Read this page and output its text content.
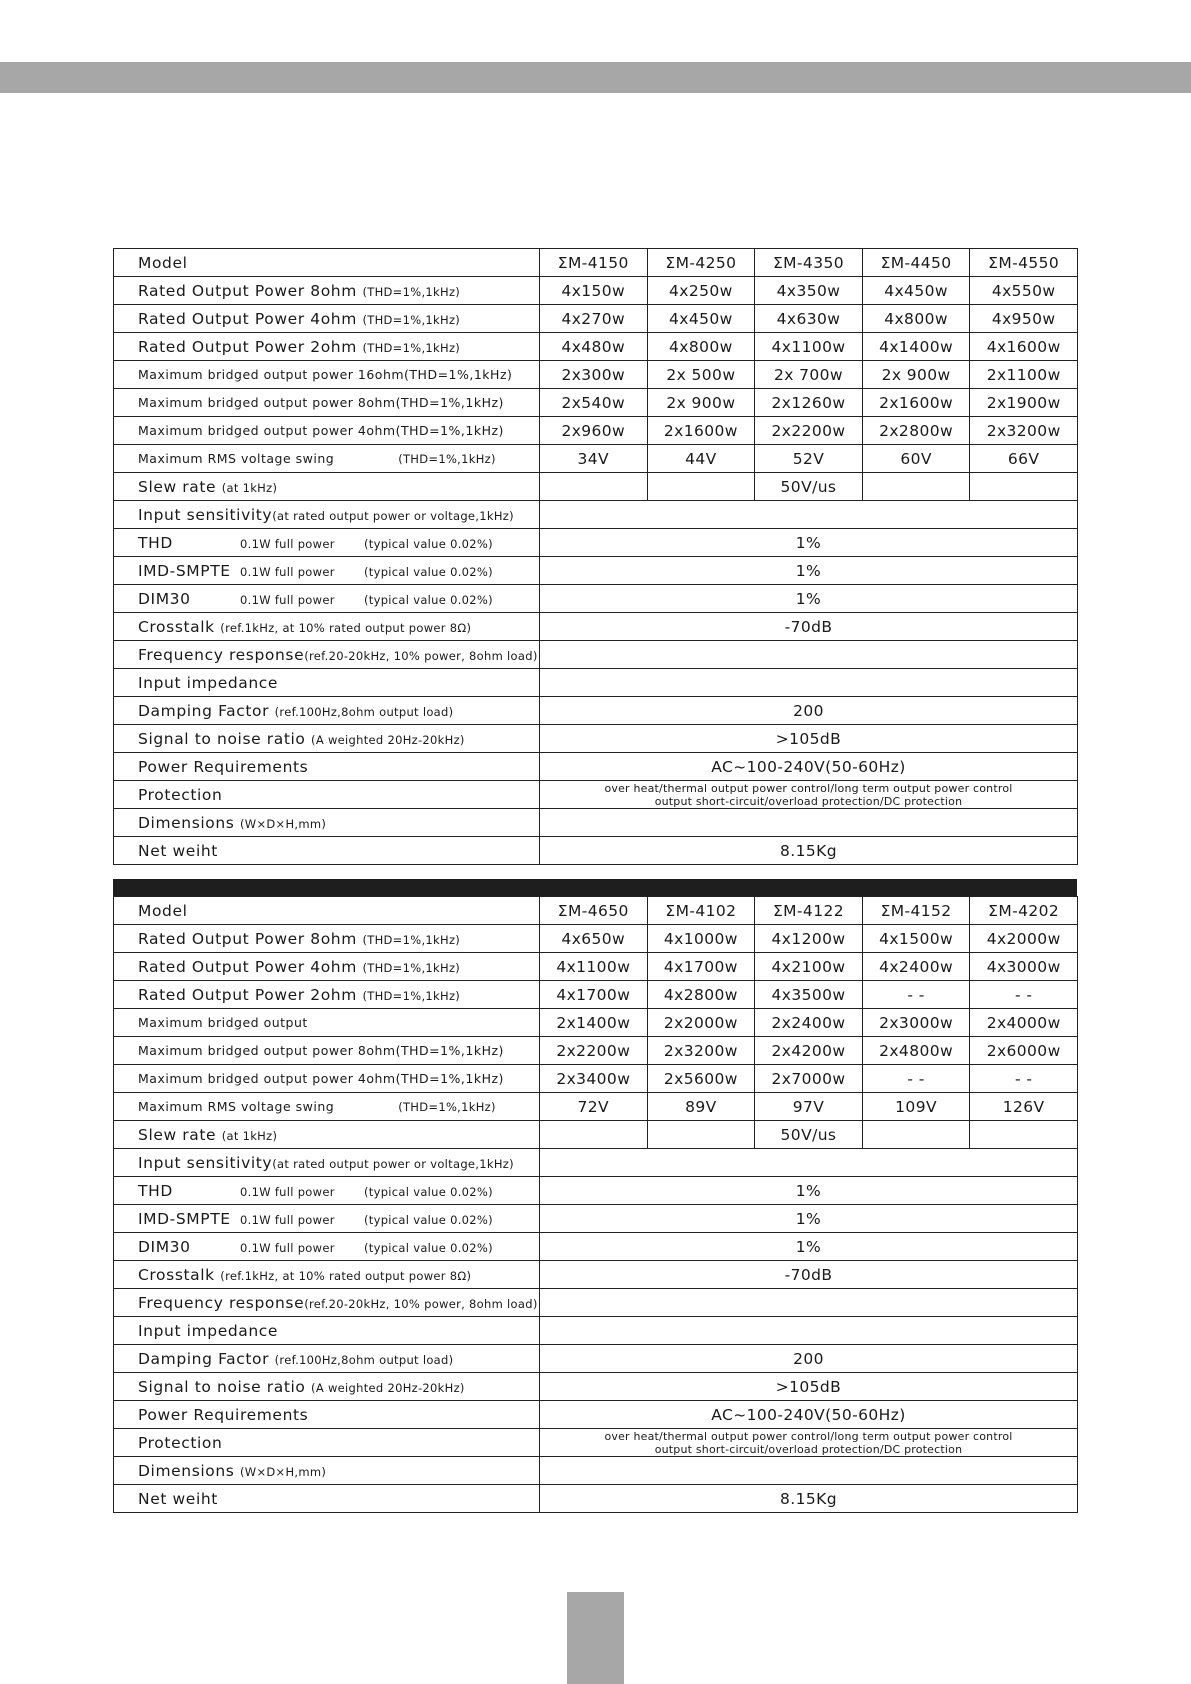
Model	ΣM-4150	ΣM-4250	ΣM-4350	ΣM-4450	ΣM-4550
Rated Output Power 8ohm (THD=1%,1kHz)	4x150w	4x250w	4x350w	4x450w	4x550w
Rated Output Power 4ohm (THD=1%,1kHz)	4x270w	4x450w	4x630w	4x800w	4x950w
Rated Output Power 2ohm (THD=1%,1kHz)	4x480w	4x800w	4x1100w	4x1400w	4x1600w
Maximum bridged output power 16ohm(THD=1%,1kHz)	2x300w	2x 500w	2x 700w	2x 900w	2x1100w
Maximum bridged output power 8ohm(THD=1%,1kHz)	2x540w	2x 900w	2x1260w	2x1600w	2x1900w
Maximum bridged output power 4ohm(THD=1%,1kHz)	2x960w	2x1600w	2x2200w	2x2800w	2x3200w
Maximum RMS voltage swing (THD=1%,1kHz)	34V	44V	52V	60V	66V
Slew rate (at 1kHz)			50V/us		
Input sensitivity(at rated output power or voltage,1kHz)					
THD 0.1W full power (typical value 0.02%)	1%				
IMD-SMPTE 0.1W full power (typical value 0.02%)	1%				
DIM30 0.1W full power (typical value 0.02%)	1%				
Crosstalk (ref.1kHz, at 10% rated output power 8Ω)	-70dB				
Frequency response(ref.20-20kHz, 10% power, 8ohm load)					
Input impedance					
Damping Factor (ref.100Hz,8ohm output load)	200				
Signal to noise ratio (A weighted 20Hz-20kHz)	>105dB				
Power Requirements	AC~100-240V(50-60Hz)				
Protection	over heat/thermal output power control/long term output power control
output short-circuit/overload protection/DC protection				

Dimensions (W×D×H,mm)					
Net weiht	8.15Kg				
Model	ΣM-4650	ΣM-4102	ΣM-4122	ΣM-4152	ΣM-4202
Rated Output Power 8ohm (THD=1%,1kHz)	4x650w	4x1000w	4x1200w	4x1500w	4x2000w
Rated Output Power 4ohm (THD=1%,1kHz)	4x1100w	4x1700w	4x2100w	4x2400w	4x3000w
Rated Output Power 2ohm (THD=1%,1kHz)	4x1700w	4x2800w	4x3500w	- -	- -
Maximum bridged output	2x1400w	2x2000w	2x2400w	2x3000w	2x4000w
Maximum bridged output power 8ohm(THD=1%,1kHz)	2x2200w	2x3200w	2x4200w	2x4800w	2x6000w
Maximum bridged output power 4ohm(THD=1%,1kHz)	2x3400w	2x5600w	2x7000w	- -	- -
Maximum RMS voltage swing (THD=1%,1kHz)	72V	89V	97V	109V	126V
Slew rate (at 1kHz)			50V/us		
Input sensitivity(at rated output power or voltage,1kHz)					
THD 0.1W full power (typical value 0.02%)	1%				
IMD-SMPTE 0.1W full power (typical value 0.02%)	1%				
DIM30 0.1W full power (typical value 0.02%)	1%				
Crosstalk (ref.1kHz, at 10% rated output power 8Ω)	-70dB				
Frequency response(ref.20-20kHz, 10% power, 8ohm load)					
Input impedance					
Damping Factor (ref.100Hz,8ohm output load)	200				
Signal to noise ratio (A weighted 20Hz-20kHz)	>105dB				
Power Requirements	AC~100-240V(50-60Hz)				
Protection	over heat/thermal output power control/long term output power control
output short-circuit/overload protection/DC protection				

Dimensions (W×D×H,mm)					
Net weiht	8.15Kg				
